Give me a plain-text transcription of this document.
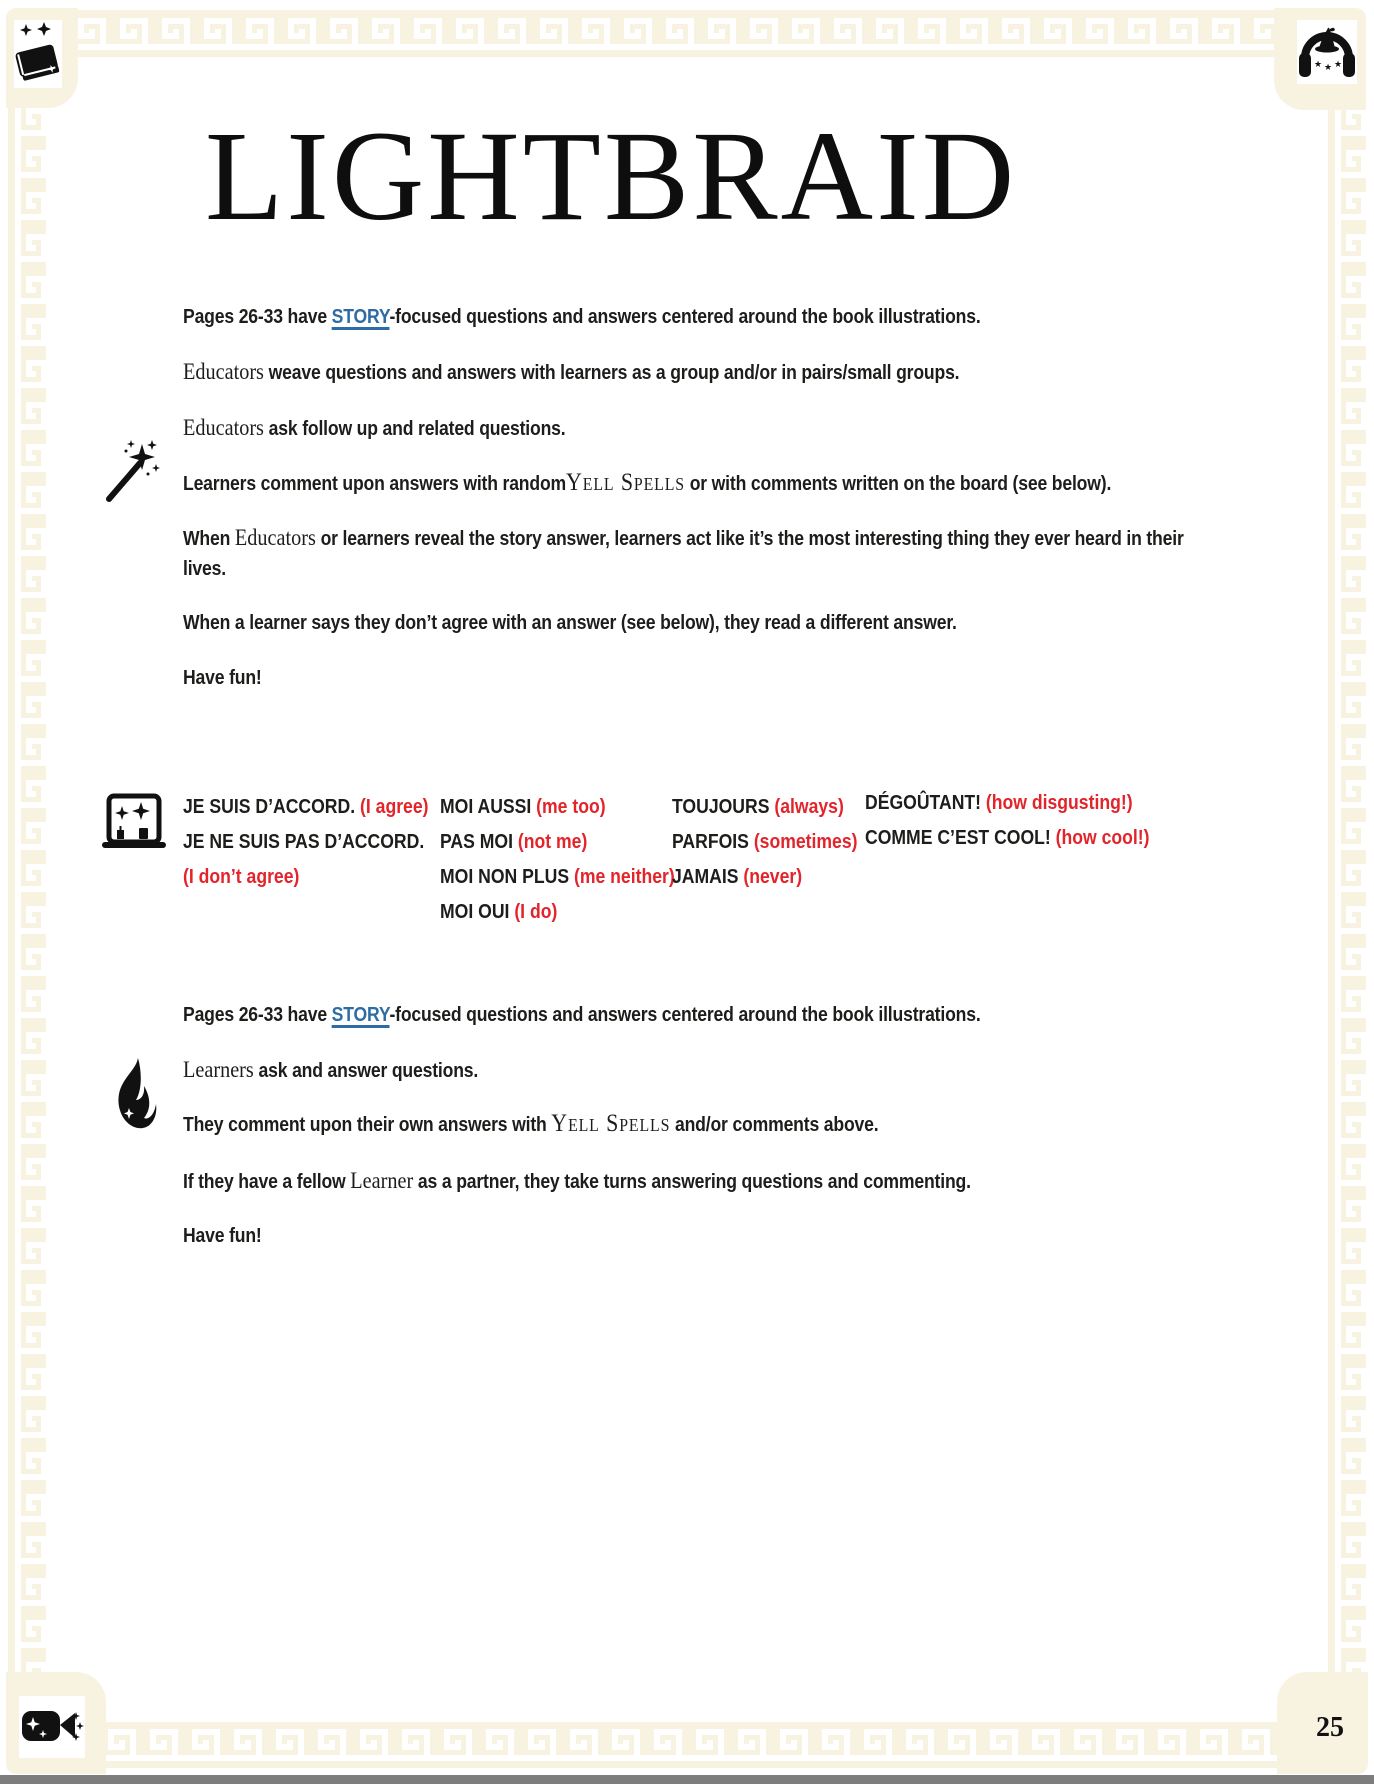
★ ★ ★
25
LIGHTBRAID
Pages 26-33 have STORY-focused questions and answers centered around the book illustrations.
Educators weave questions and answers with learners as a group and/or in pairs/small groups.
Educators ask follow up and related questions.
Learners comment upon answers with randomYell Spells or with comments written on the board (see below).
When Educators or learners reveal the story answer, learners act like it’s the most interesting thing they ever heard in their lives.
When a learner says they don’t agree with an answer (see below), they read a different answer.
Have fun!
JE SUIS D’ACCORD. (I agree)
JE NE SUIS PAS D’ACCORD.
(I don’t agree)
MOI AUSSI (me too)
PAS MOI (not me)
MOI NON PLUS (me neither)
MOI OUI (I do)
TOUJOURS (always)
PARFOIS (sometimes)
JAMAIS (never)
DÉGOÛTANT! (how disgusting!)
COMME C’EST COOL! (how cool!)
Pages 26-33 have STORY-focused questions and answers centered around the book illustrations.
Learners ask and answer questions.
They comment upon their own answers with Yell Spells and/or comments above.
If they have a fellow Learner as a partner, they take turns answering questions and commenting.
Have fun!
